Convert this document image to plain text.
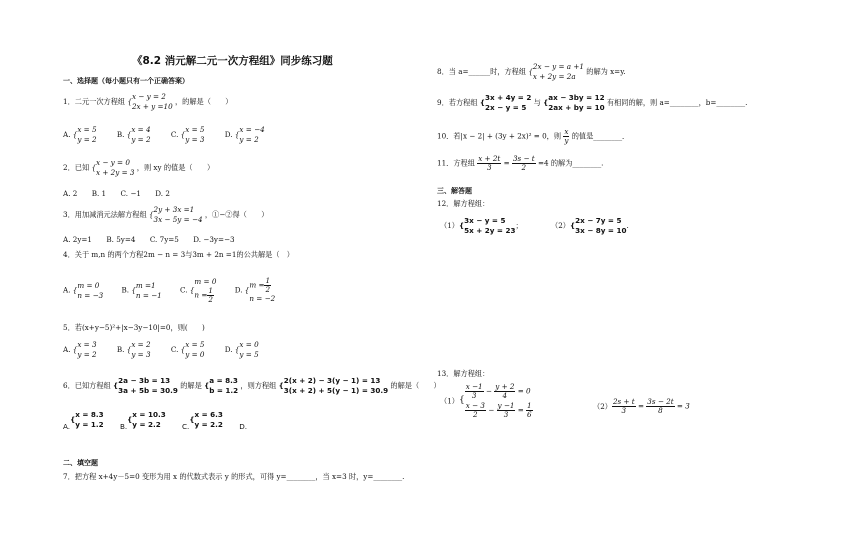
《8.2 消元解二元一次方程组》同步练习题
一、选择题（每小题只有一个正确答案）
1．二元一次方程组 {
x − y = 2
2x + y =10
，的解是（　　）
A. {
x = 5
y = 2
B. {
x = 4
y = 2
C. {
x = 5
y = 3
D. {
x = −4
y = 2
2．已知 {
x − y = 0
x + 2y = 3
，则 xy 的值是（　　）
A. 2　　B. 1　　C. −1　　D. 2
3．用加减消元法解方程组 {
2y + 3x =1
3x − 5y = −4
，①−②得（　　）
A. 2y=1　　B. 5y=4　　C. 7y=5　　D. −3y=−3
4．关于 m,n 的两个方程2m − n = 3与3m + 2n =1的公共解是（　）
A. {
m = 0
n = −3
B. {
m =1
n = −1
C. {
m = 0
$n = \frac{1}{2}$	D. {
$m = \frac{1}{2}$
n = −2
5．若(x+y−5)²+|x−3y−10|=0，则(　　)
A. {
x = 3
y = 2
B. {
x = 2
y = 3
C. {
x = 5
y = 0
D. {
x = 0
y = 5
6．已知方程组 {
2a − 3b = 13
3a + 5b = 30.9
的解是 {
a = 8.3
b = 1.2
，则方程组 {
2(x + 2) − 3(y − 1) = 13
3(x + 2) + 5(y − 1) = 30.9
的解是（　　）
A.{
x = 8.3
y = 1.2 B.{
x = 10.3
y = 2.2	C.{
x = 6.3
y = 2.2 D.
二、填空题
7．把方程 x+4y－5=0 变形为用 x 的代数式表示 y 的形式，可得 y=________，当 x=3 时，y=________.
8．当 a=______时，方程组 {
2x − y = a +1
x + 2y = 2a
的解为 x=y.
9．若方程组 {
3x + 4y = 2
2x − y = 5
与 {
ax − 3by = 12
2ax + by = 10
有相同的解，则 a=________，b=________.
10．若|x − 2| + (3y + 2x)² = 0，则 $\frac{x}{y}$ 的值是________．
11．方程组 $\frac{x + 2t}{3} = \frac{3s - t}{2} =4$ 的解为________.
三、解答题
12．解方程组：
（1）{
3x − y = 5
5x + 2y = 23
；	（2）{
2x − 7y = 5
3x − 8y = 10
.
13．解方程组：
（1）{
$\frac{x -1}{3} - \frac{y + 2}{4} = 0$
$\frac{x - 3}{2} - \frac{y -1}{3} = \frac{1}{6}$	$(2) \frac{2s + t}{3} = \frac{3s - 2t}{8} = 3$
